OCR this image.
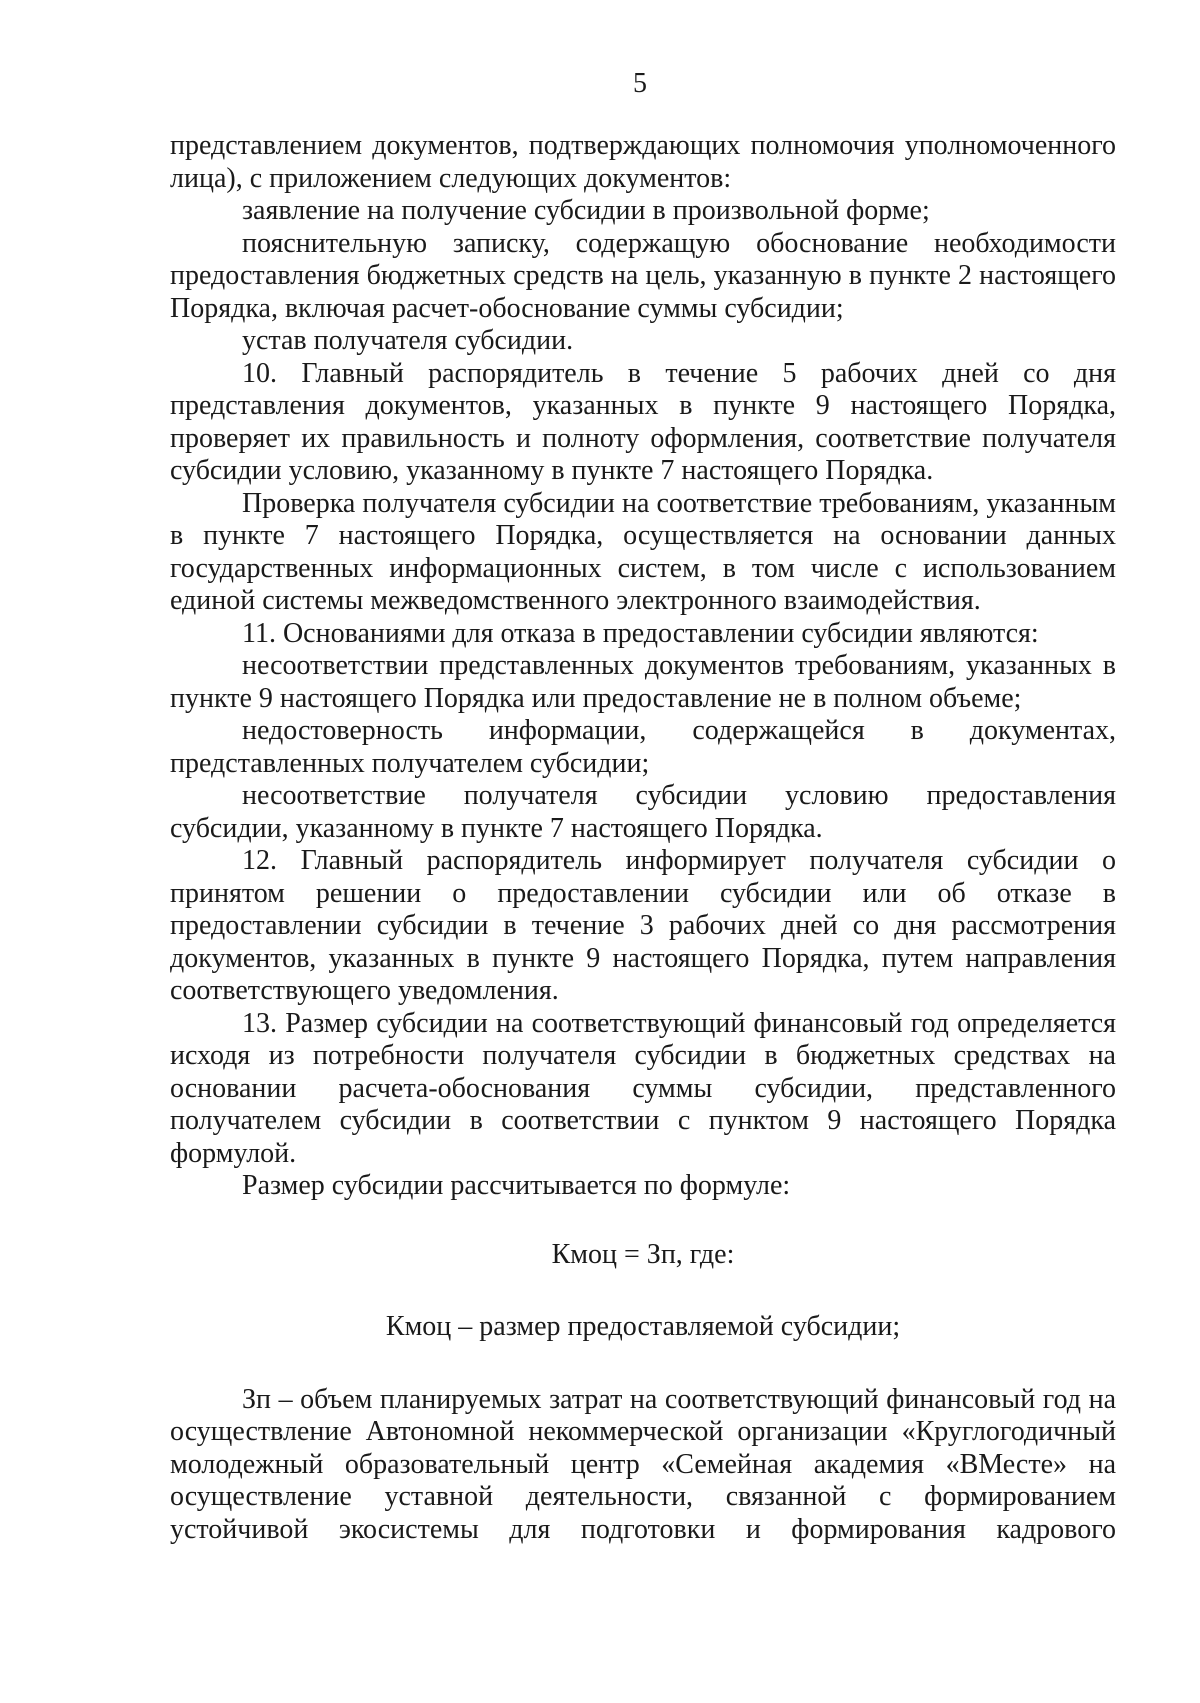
5

представлением документов, подтверждающих полномочия уполномоченного лица), с приложением следующих документов:

заявление на получение субсидии в произвольной форме;

пояснительную записку, содержащую обоснование необходимости предоставления бюджетных средств на цель, указанную в пункте 2 настоящего Порядка, включая расчет-обоснование суммы субсидии;

устав получателя субсидии.

10. Главный распорядитель в течение 5 рабочих дней со дня представления документов, указанных в пункте 9 настоящего Порядка, проверяет их правильность и полноту оформления, соответствие получателя субсидии условию, указанному в пункте 7 настоящего Порядка.

Проверка получателя субсидии на соответствие требованиям, указанным в пункте 7 настоящего Порядка, осуществляется на основании данных государственных информационных систем, в том числе с использованием единой системы межведомственного электронного взаимодействия.

11. Основаниями для отказа в предоставлении субсидии являются:

несоответствии представленных документов требованиям, указанных в пункте 9 настоящего Порядка или предоставление не в полном объеме;

недостоверность информации, содержащейся в документах, представленных получателем субсидии;

несоответствие получателя субсидии условию предоставления субсидии, указанному в пункте 7 настоящего Порядка.

12. Главный распорядитель информирует получателя субсидии о принятом решении о предоставлении субсидии или об отказе в предоставлении субсидии в течение 3 рабочих дней со дня рассмотрения документов, указанных в пункте 9 настоящего Порядка, путем направления соответствующего уведомления.

13. Размер субсидии на соответствующий финансовый год определяется исходя из потребности получателя субсидии в бюджетных средствах на основании расчета-обоснования суммы субсидии, представленного получателем субсидии в соответствии с пунктом 9 настоящего Порядка формулой.

Размер субсидии рассчитывается по формуле:

Кмоц = Зп, где:

Кмоц – размер предоставляемой субсидии;

Зп – объем планируемых затрат на соответствующий финансовый год на осуществление Автономной некоммерческой организации «Круглогодичный молодежный образовательный центр «Семейная академия «ВМесте» на осуществление уставной деятельности, связанной с формированием устойчивой экосистемы для подготовки и формирования кадрового
